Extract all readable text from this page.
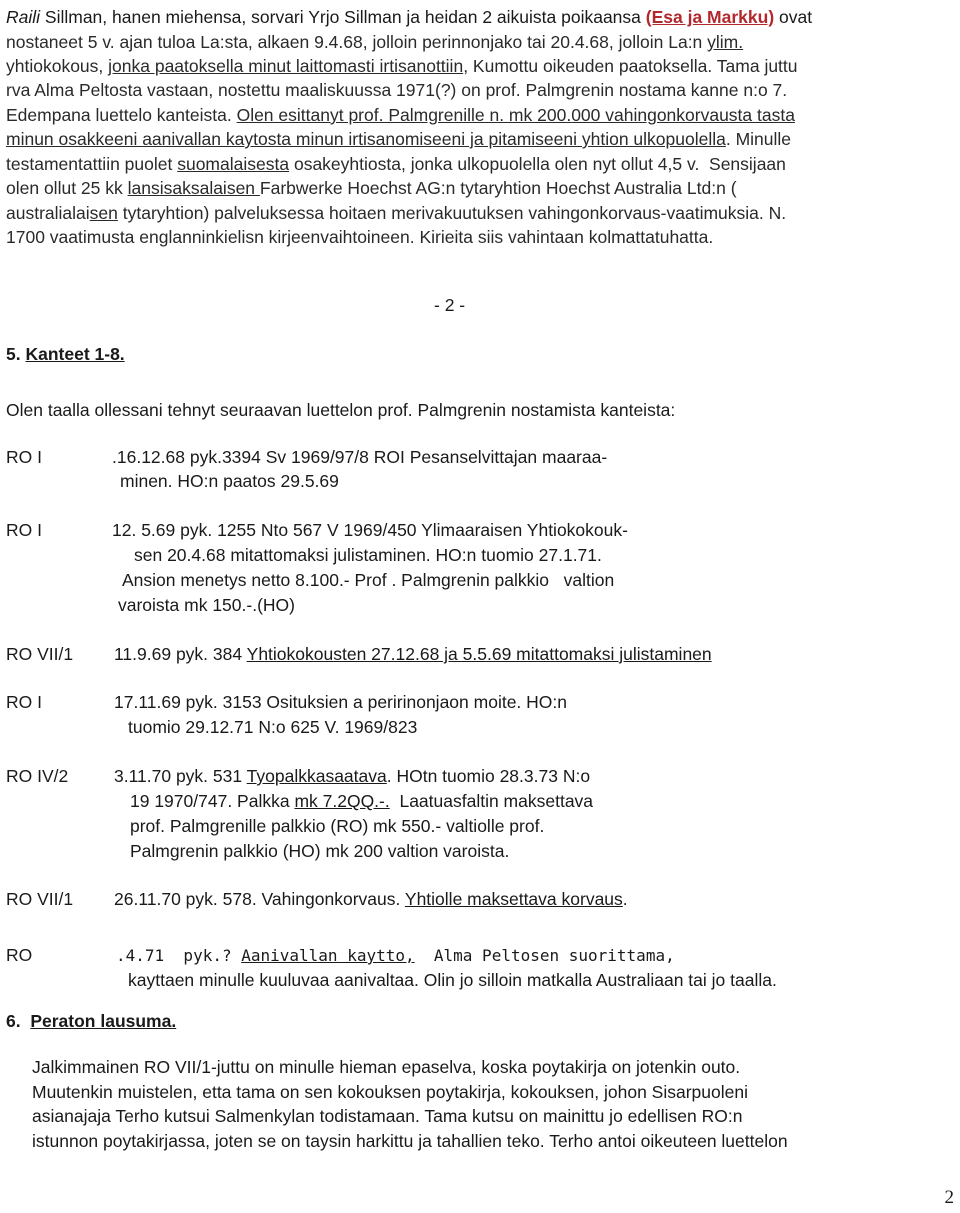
Raili Sillman, hanen miehensa, sorvari Yrjo Sillman ja heidan 2 aikuista poikaansa (Esa ja Markku) ovat
nostaneet 5 v. ajan tuloa La:sta, alkaen 9.4.68, jolloin perinnonjako tai 20.4.68, jolloin La:n ylim.
yhtiokokous, jonka paatoksella minut laittomasti irtisanottiin, Kumottu oikeuden paatoksella. Tama juttu
rva Alma Peltosta vastaan, nostettu maaliskuussa 1971(?) on prof. Palmgrenin nostama kanne n:o 7.
Edempana luettelo kanteista. Olen esittanyt prof. Palmgrenille n. mk 200.000 vahingonkorvausta tasta
minun osakkeeni aanivallan kaytosta minun irtisanomiseeni ja pitamiseeni yhtion ulkopuolella. Minulle
testamentattiin puolet suomalaisesta osakeyhtiosta, jonka ulkopuolella olen nyt ollut 4,5 v.  Sensijaan
olen ollut 25 kk lansisaksalaisen Farbwerke Hoechst AG:n tytaryhtion Hoechst Australia Ltd:n (
australialaisen tytaryhtion) palveluksessa hoitaen merivakuutuksen vahingonkorvaus-vaatimuksia. N.
1700 vaatimusta englanninkielisn kirjeenvaihtoineen. Kirieita siis vahintaan kolmattatuhatta.
- 2 -
5. Kanteet 1-8.
Olen taalla ollessani tehnyt seuraavan luettelon prof. Palmgrenin nostamista kanteista:
RO I	.16.12.68 pyk.3394 Sv 1969/97/8 ROI Pesanselvittajan maaraa-
minen. HO:n paatos 29.5.69
RO I	12. 5.69 pyk. 1255 Nto 567 V 1969/450 Ylimaaraisen Yhtiokokouk-
sen 20.4.68 mitattomaksi julistaminen. HO:n tuomio 27.1.71.
Ansion menetys netto 8.100.- Prof . Palmgrenin palkkio   valtion
varoista mk 150.-.(HO)
RO VII/1 11.9.69 pyk. 384 Yhtiokokousten 27.12.68 ja 5.5.69 mitattomaksi julistaminen
RO I	17.11.69 pyk. 3153 Osituksien a peririnonjaon moite. HO:n
tuomio 29.12.71 N:o 625 V. 1969/823
RO IV/2	3.11.70 pyk. 531 Tyopalkkasaatava. HOtn tuomio 28.3.73 N:o
19 1970/747. Palkka mk 7.2QQ.-.  Laatuasfaltin maksettava
prof. Palmgrenille palkkio (RO) mk 550.- valtiolle prof.
Palmgrenin palkkio (HO) mk 200 valtion varoista.
RO VII/1 26.11.70 pyk. 578. Vahingonkorvaus. Yhtiolle maksettava korvaus.
RO	.4.71  pyk.? Aanivallan kaytto,  Alma Peltosen suorittama,
kayttaen minulle kuuluvaa aanivaltaa. Olin jo silloin matkalla Australiaan tai jo taalla.
6.  Peraton lausuma.
Jalkimmainen RO VII/1-juttu on minulle hieman epaselva, koska poytakirja on jotenkin outo.
Muutenkin muistelen, etta tama on sen kokouksen poytakirja, kokouksen, johon Sisarpuoleni
asianajaja Terho kutsui Salmenkylan todistamaan. Tama kutsu on mainittu jo edellisen RO:n
istunnon poytakirjassa, joten se on taysin harkittu ja tahallien teko. Terho antoi oikeuteen luettelon
2
